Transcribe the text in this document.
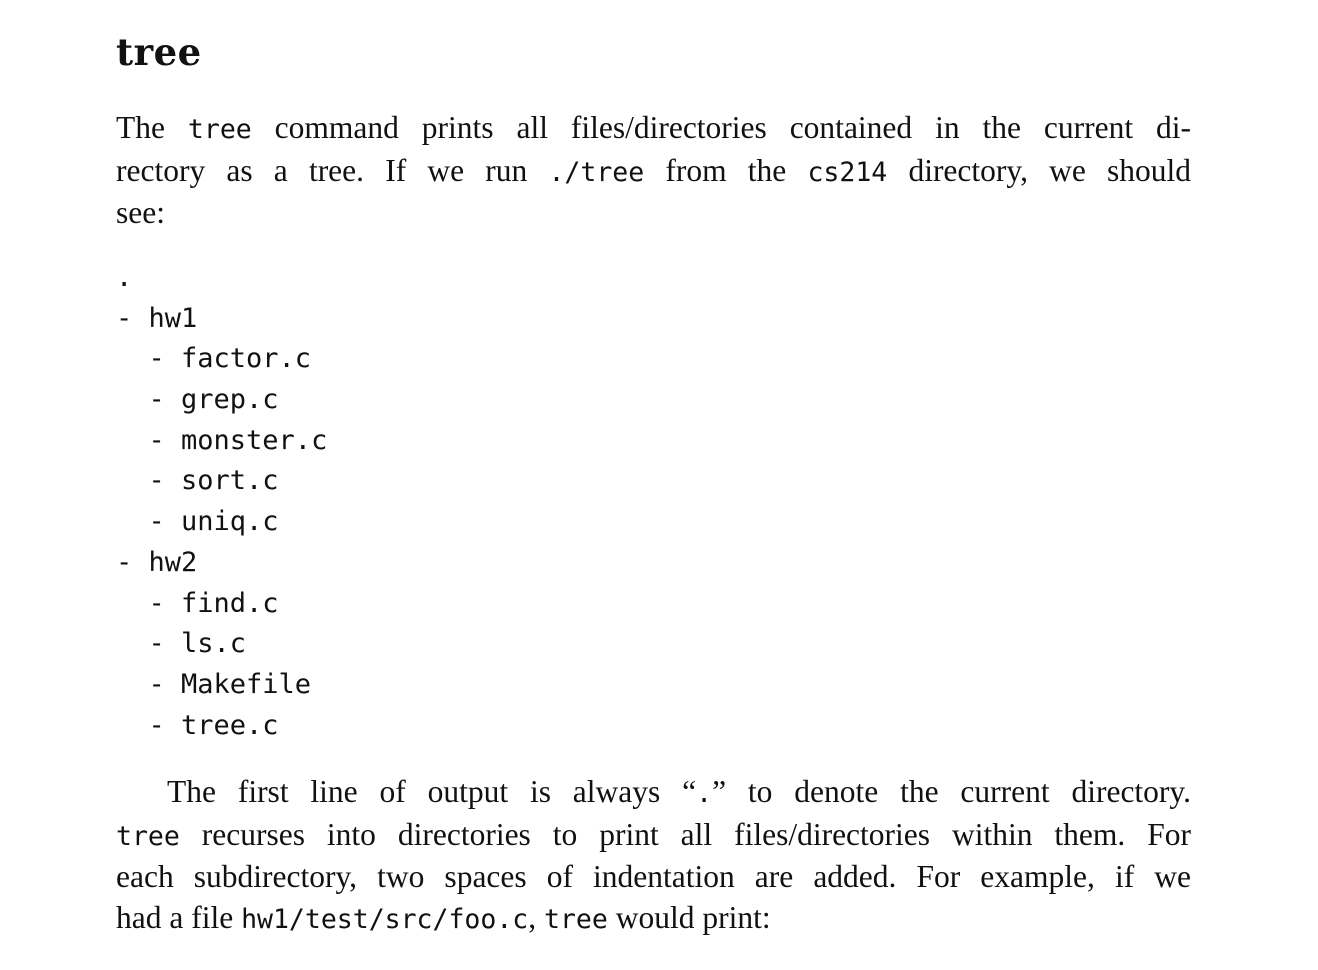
tree

The tree command prints all files/directories contained in the current di-
rectory as a tree. If we run ./tree from the cs214 directory, we should
see:

.
- hw1
- factor.c
- grep.c
- monster.c
- sort.c
- uniq.c
- hw2
- find.c
- ls.c
- Makefile
- tree.c

The first line of output is always “.” to denote the current directory.
tree recurses into directories to print all files/directories within them. For
each subdirectory, two spaces of indentation are added. For example, if we
had a file hw1/test/src/foo.c, tree would print:
